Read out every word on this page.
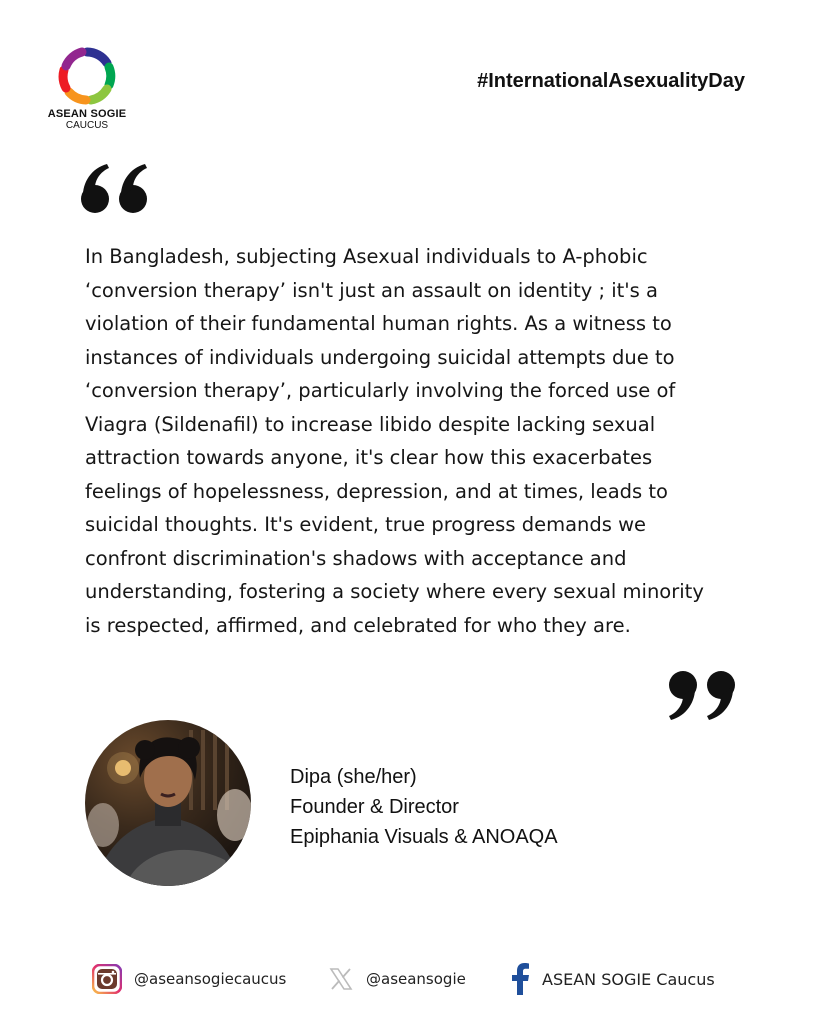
ASEAN SOGIE
CAUCUS
#InternationalAsexualityDay
In Bangladesh, subjecting Asexual individuals to A-phobic
‘conversion therapy’ isn't just an assault on identity ; it's a
violation of their fundamental human rights. As a witness to
instances of individuals undergoing suicidal attempts due to
‘conversion therapy’, particularly involving the forced use of
Viagra (Sildenafil) to increase libido despite lacking sexual
attraction towards anyone, it's clear how this exacerbates
feelings of hopelessness, depression, and at times, leads to
suicidal thoughts. It's evident, true progress demands we
confront discrimination's shadows with acceptance and
understanding, fostering a society where every sexual minority
is respected, affirmed, and celebrated for who they are.
Dipa (she/her)
Founder & Director
Epiphania Visuals & ANOAQA
@aseansogiecaucus	@aseansogie	ASEAN SOGIE Caucus
